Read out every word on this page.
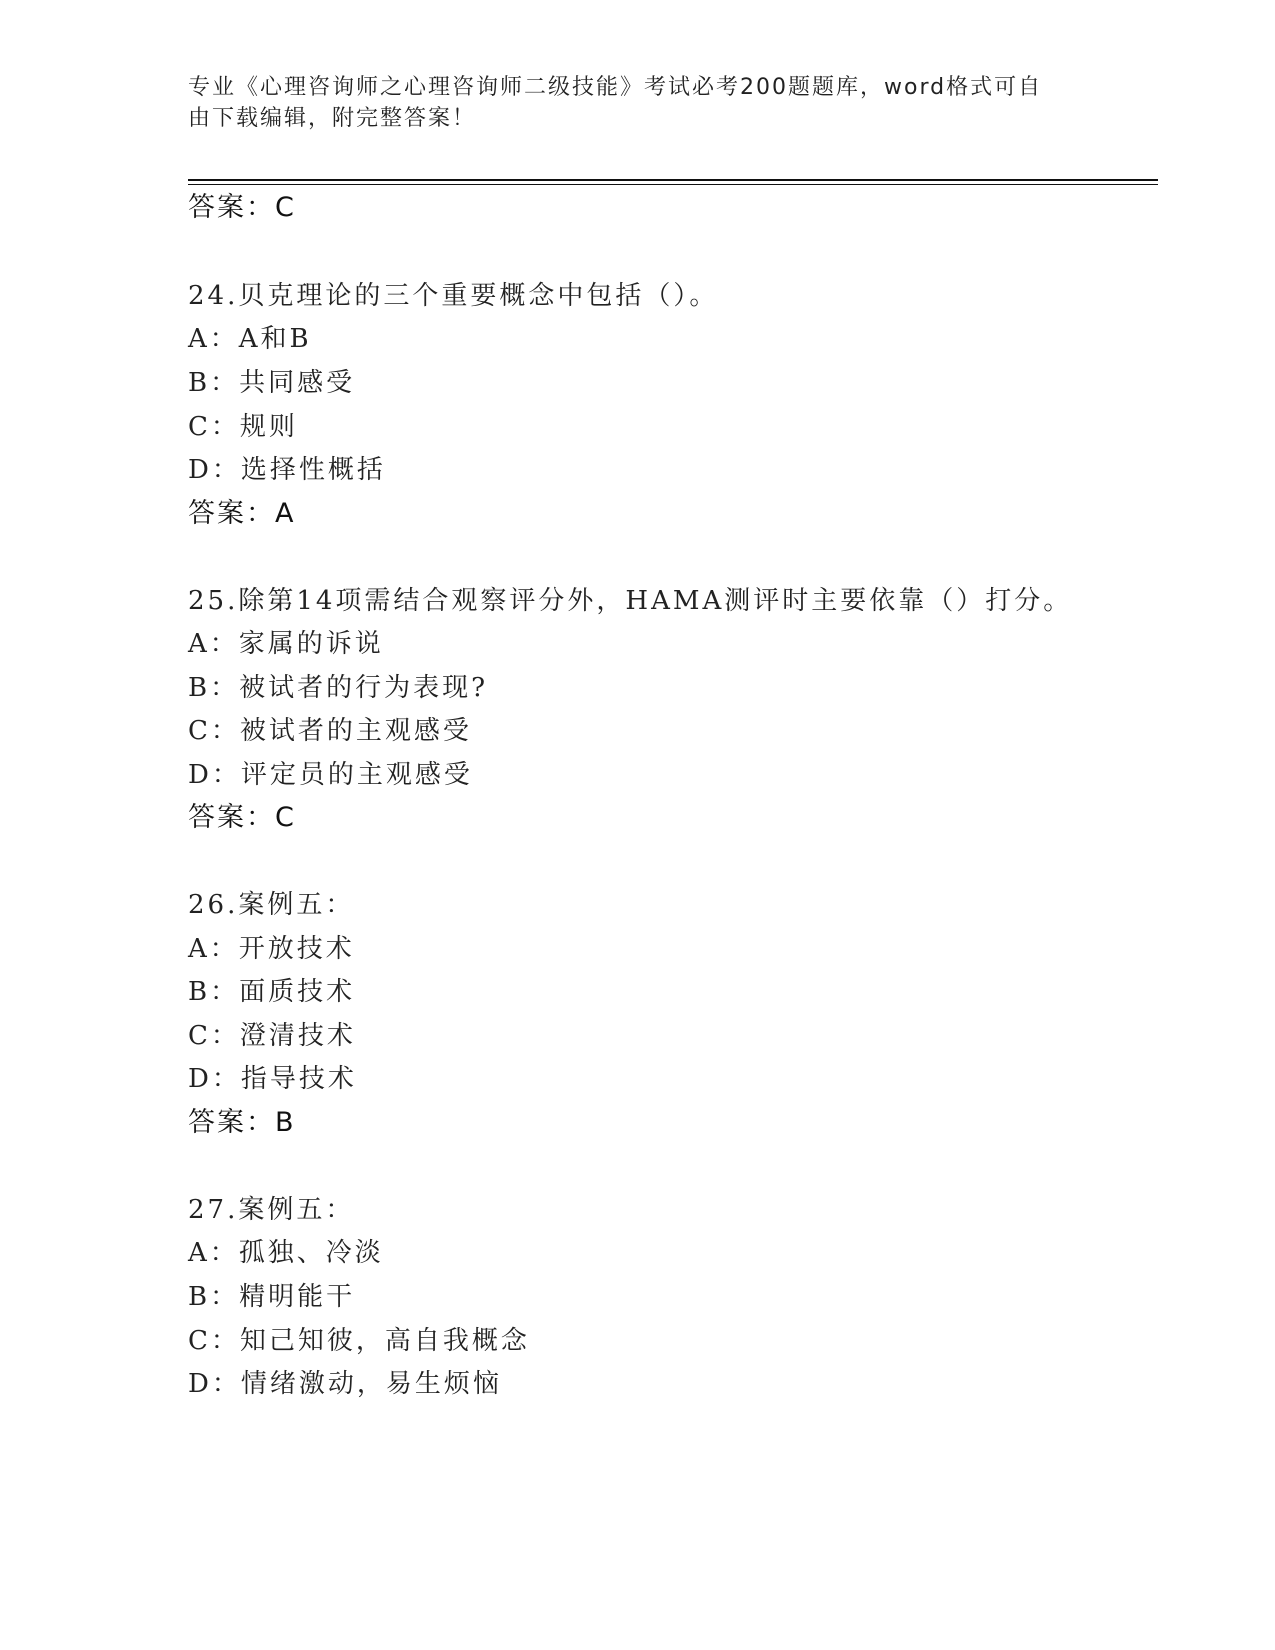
专业《心理咨询师之心理咨询师二级技能》考试必考200题题库，word格式可自
由下载编辑，附完整答案！
答案：C
24.贝克理论的三个重要概念中包括（）。
A：A和B
B：共同感受
C：规则
D：选择性概括
答案：A
25.除第14项需结合观察评分外，HAMA测评时主要依靠（）打分。
A：家属的诉说
B：被试者的行为表现?
C：被试者的主观感受
D：评定员的主观感受
答案：C
26.案例五：
A：开放技术
B：面质技术
C：澄清技术
D：指导技术
答案：B
27.案例五：
A：孤独、冷淡
B：精明能干
C：知己知彼，高自我概念
D：情绪激动，易生烦恼
